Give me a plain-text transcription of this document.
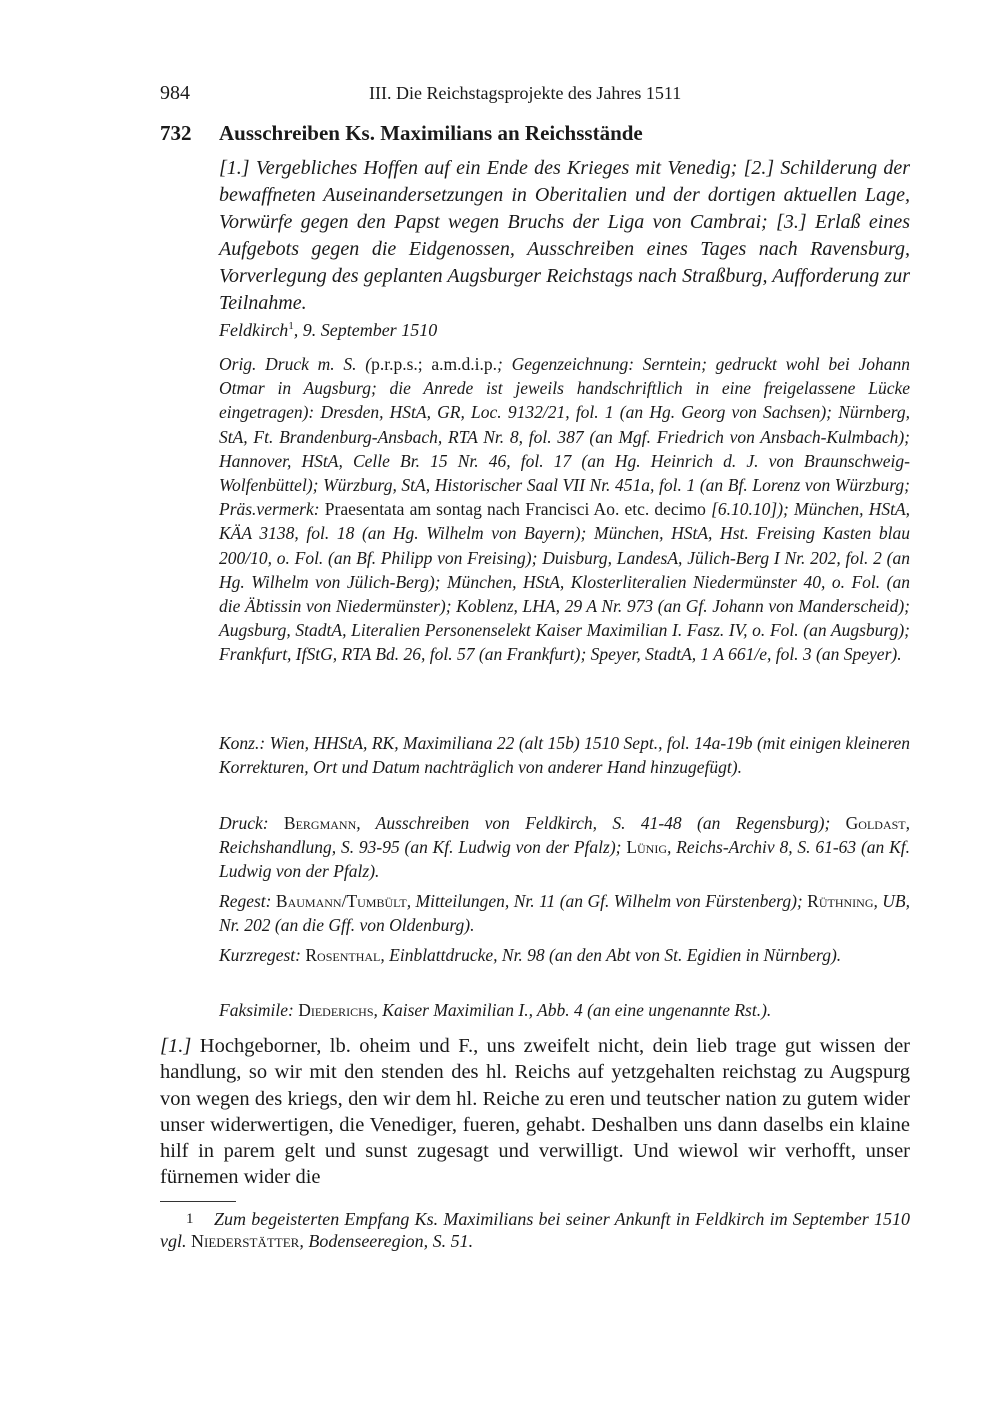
984	III. Die Reichstagsprojekte des Jahres 1511
732 Ausschreiben Ks. Maximilians an Reichsstände
[1.] Vergebliches Hoffen auf ein Ende des Krieges mit Venedig; [2.] Schilderung der bewaffneten Auseinandersetzungen in Oberitalien und der dortigen aktuellen Lage, Vorwürfe gegen den Papst wegen Bruchs der Liga von Cambrai; [3.] Erlaß eines Aufgebots gegen die Eidgenossen, Ausschreiben eines Tages nach Ravensburg, Vorverlegung des geplanten Augsburger Reichstags nach Straßburg, Aufforderung zur Teilnahme.
Feldkirch$^1$, 9. September 1510

Orig. Druck m. S. (p.r.p.s.; a.m.d.i.p.; Gegenzeichnung: Serntein; gedruckt wohl bei Johann Otmar in Augsburg; die Anrede ist jeweils handschriftlich in eine freigelassene Lücke eingetragen): Dresden, HStA, GR, Loc. 9132/21, fol. 1 (an Hg. Georg von Sachsen); Nürnberg, StA, Ft. Brandenburg-Ansbach, RTA Nr. 8, fol. 387 (an Mgf. Friedrich von Ansbach-Kulmbach); Hannover, HStA, Celle Br. 15 Nr. 46, fol. 17 (an Hg. Heinrich d. J. von Braunschweig-Wolfenbüttel); Würzburg, StA, Historischer Saal VII Nr. 451a, fol. 1 (an Bf. Lorenz von Würzburg; Präs.vermerk: Praesentata am sontag nach Francisci Ao. etc. decimo [6.10.10]); München, HStA, KÄA 3138, fol. 18 (an Hg. Wilhelm von Bayern); München, HStA, Hst. Freising Kasten blau 200/10, o. Fol. (an Bf. Philipp von Freising); Duisburg, LandesA, Jülich-Berg I Nr. 202, fol. 2 (an Hg. Wilhelm von Jülich-Berg); München, HStA, Klosterliteralien Niedermünster 40, o. Fol. (an die Äbtissin von Niedermünster); Koblenz, LHA, 29 A Nr. 973 (an Gf. Johann von Manderscheid); Augsburg, StadtA, Literalien Personenselekt Kaiser Maximilian I. Fasz. IV, o. Fol. (an Augsburg); Frankfurt, IfStG, RTA Bd. 26, fol. 57 (an Frankfurt); Speyer, StadtA, 1 A 661/e, fol. 3 (an Speyer).

Konz.: Wien, HHStA, RK, Maximiliana 22 (alt 15b) 1510 Sept., fol. 14a-19b (mit einigen kleineren Korrekturen, Ort und Datum nachträglich von anderer Hand hinzugefügt).

Druck: Bergmann, Ausschreiben von Feldkirch, S. 41-48 (an Regensburg); Goldast, Reichshandlung, S. 93-95 (an Kf. Ludwig von der Pfalz); Lünig, Reichs-Archiv 8, S. 61-63 (an Kf. Ludwig von der Pfalz).

Regest: Baumann/Tumbült, Mitteilungen, Nr. 11 (an Gf. Wilhelm von Fürstenberg); Rüthning, UB, Nr. 202 (an die Gff. von Oldenburg).

Kurzregest: Rosenthal, Einblattdrucke, Nr. 98 (an den Abt von St. Egidien in Nürnberg).

Faksimile: Diederichs, Kaiser Maximilian I., Abb. 4 (an eine ungenannte Rst.).

[1.] Hochgeborner, lb. oheim und F., uns zweifelt nicht, dein lieb trage gut wissen der handlung, so wir mit den stenden des hl. Reichs auf yetzgehalten reichstag zu Augspurg von wegen des kriegs, den wir dem hl. Reiche zu eren und teutscher nation zu gutem wider unser widerwertigen, die Venediger, fueren, gehabt. Deshalben uns dann daselbs ein klaine hilf in parem gelt und sunst zugesagt und verwilligt. Und wiewol wir verhofft, unser fürnemen wider die

1 Zum begeisterten Empfang Ks. Maximilians bei seiner Ankunft in Feldkirch im September 1510 vgl. Niederstätter, Bodenseeregion, S. 51.
